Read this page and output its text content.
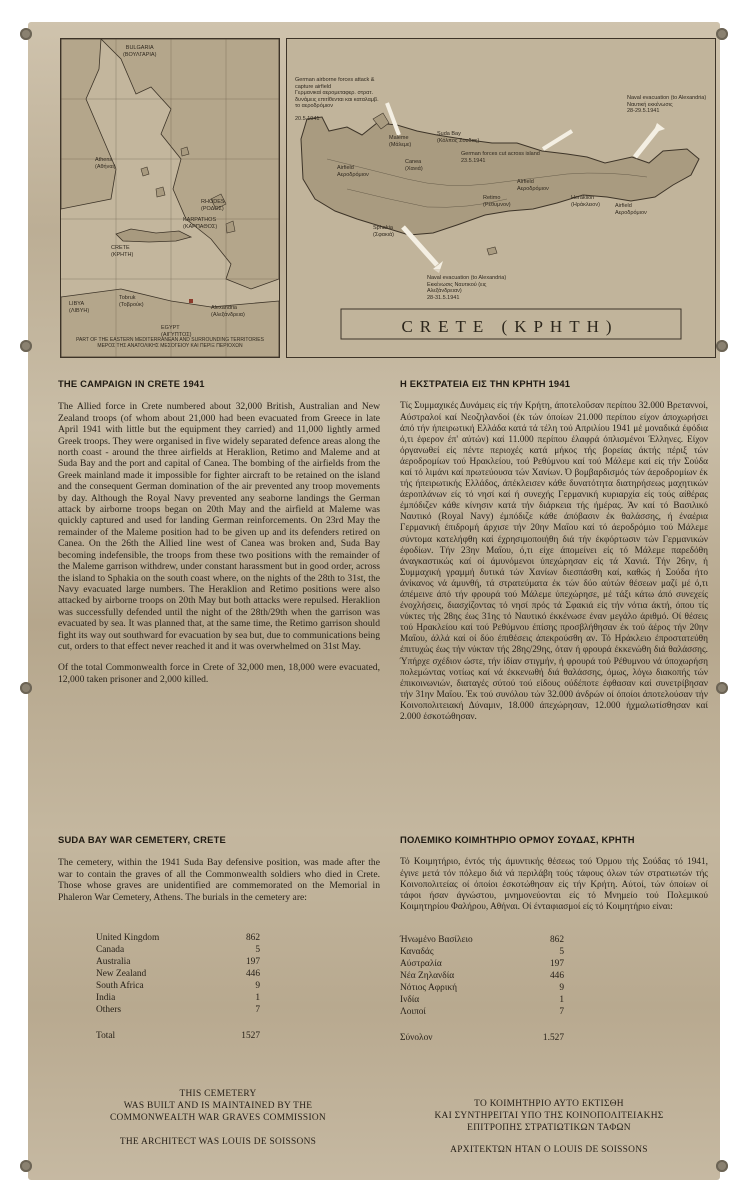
BULGARIA
(ΒΟΥΛΓΑΡΙΑ)
Athens
(Αθήναι)
RHODES
(ΡΟΔΟΣ)
KARPATHOS
(ΚΑΡΠΑΘΟΣ)
CRETE
(ΚΡΗΤΗ)
LIBYA
(ΛΙΒΥΗ)
Tobruk
(Τοβρούκ)
EGYPT
(ΑΙΓΥΠΤΟΣ)
Alexandria
(Αλεξάνδρεια)
PART OF THE EASTERN MEDITERRANEAN AND SURROUNDING TERRITORIES
ΜΕΡΟΣ ΤΗΣ ΑΝΑΤΟΛΙΚΗΣ ΜΕΣΟΓΕΙΟΥ ΚΑΙ ΠΕΡΙΞ ΠΕΡΙΟΧΩΝ
German airborne forces attack & capture airfield
Γερμανικαί αερομεταφερ. στρατ. δυνάμεις επιτίθενται και καταλαμβ. το αεροδρόμιον
20.5.1941
Maleme
(Μάλεμε)
Suda Bay
(Κόλπος Σουδας)
Canea
(Χανιά)
Airfield
Αεροδρόμιον
German forces cut across island
23.5.1941
Airfield
Αεροδρόμιον
Retimo
(Ρέθυμνον)
Heraklion
(Ηράκλειον)	Airfield
Αεροδρόμιον
Sphakia
(Σφακιά)
Naval evacuation (to Alexandria)
Ναυτική εκκένωσις
28-29.5.1941
Naval evacuation (to Alexandria)
Εκκένωσις Ναυτικού (εις Αλεξάνδρειαν)
28-31.5.1941
CRETE (ΚΡΗΤΗ)
THE CAMPAIGN IN CRETE 1941

The Allied force in Crete numbered about 32,000 British, Australian and New Zealand troops (of whom about 21,000 had been evacuated from Greece in late April 1941 with little but the equipment they carried) and 11,000 lightly armed Greek troops. They were organised in five widely separated defence areas along the north coast - around the three airfields at Heraklion, Retimo and Maleme and at Suda Bay and the port and capital of Canea. The bombing of the airfields from the Greek mainland made it impossible for fighter aircraft to be retained on the island and the consequent German domination of the air prevented any troop movements by day. Although the Royal Navy prevented any seaborne landings the German attack by airborne troops began on 20th May and the airfield at Maleme was quickly captured and used for landing German reinforcements. On 23rd May the remainder of the Maleme position had to be given up and its defenders retired on Canea. On the 26th the Allied line west of Canea was broken and, Suda Bay becoming indefensible, the troops from these two positions with the remainder of the Maleme garrison withdrew, under constant harassment but in good order, across the island to Sphakia on the south coast where, on the nights of the 28th to 31st, the Navy evacuated large numbers. The Heraklion and Retimo positions were also attacked by airborne troops on 20th May but both attacks were repulsed. Heraklion was successfully defended until the night of the 28th/29th when the garrison was evacuated by sea. It was planned that, at the same time, the Retimo garrison should fight its way out southward for evacuation by sea but, due to communications being cut, orders to that effect never reached it and it was overwhelmed on 31st May.

Of the total Commonwealth force in Crete of 32,000 men, 18,000 were evacuated, 12,000 taken prisoner and 2,000 killed.

SUDA BAY WAR CEMETERY, CRETE

The cemetery, within the 1941 Suda Bay defensive position, was made after the war to contain the graves of all the Commonwealth soldiers who died in Crete. Those whose graves are unidentified are commemorated on the Memorial in Phaleron War Cemetery, Athens. The burials in the cemetery are:

United Kingdom	862
Canada	5
Australia	197
New Zealand	446
South Africa	9
India	1
Others	7
Total	1527
THIS CEMETERY
WAS BUILT AND IS MAINTAINED BY THE
COMMONWEALTH WAR GRAVES COMMISSION
THE ARCHITECT WAS LOUIS DE SOISSONS
Η ΕΚΣΤΡΑΤΕΙΑ ΕΙΣ ΤΗΝ ΚΡΗΤΗ 1941

Τίς Συμμαχικές Δυνάμεις είς τήν Κρήτη, άποτελοΰσαν περίπου 32.000 Βρεταννοί, Αύστραλοί καί Νεοζηλανδοί (έκ τών όποίων 21.000 περίπου είχον άποχωρήσει άπό τήν ήπειρωτική Ελλάδα κατά τά τέλη τού Απριλίου 1941 μέ μοναδικά έφόδια ό,τι έφερον έπ' αύτών) καί 11.000 περίπου έλαφρά όπλισμένοι Έλληνες. Είχον όργανωθεί είς πέντε περιοχές κατά μήκος τής βορείας άκτής πέριξ τών άεροδρομίων τού Ηρακλείου, τού Ρεθύμνου καί τού Μάλεμε καί είς τήν Σούδα καί τό λιμάνι καί πρωτεύουσα τών Χανίων. Ό βομβαρδισμός τών άεροδρομίων έκ τής ήπειρωτικής Ελλάδος, άπέκλεισεν κάθε δυνατότητα διατηρήσεως μαχητικών άεροπλάνων είς τό νησί καί ή συνεχής Γερμανική κυριαρχία είς τούς αίθέρας έμπόδιζεν κάθε κίνησιν κατά τήν διάρκεια τής ήμέρας. Άν καί τό Βασιλικό Ναυτικό (Royal Navy) έμπόδιζε κάθε άπόβασιν έκ θαλάσσης, ή έναέρια Γερμανική έπιδρομή άρχισε τήν 20ην Μαΐου καί τό άεροδρόμιο τού Μάλεμε σύντομα κατελήφθη καί έχρησιμοποιήθη διά τήν έκφόρτωσιν τών Γερμανικών έφοδίων. Τήν 23ην Μαΐου, ό,τι είχε άπομείνει είς τό Μάλεμε παρεδόθη άναγκαστικώς καί οί άμυνόμενοι ύπεχώρησαν είς τά Χανιά. Τήν 26ην, ή Συμμαχική γραμμή δυτικά τών Χανίων διεσπάσθη καί, καθώς ή Σούδα ήτο άνίκανος νά άμυνθή, τά στρατεύματα έκ τών δύο αύτών θέσεων μαζί μέ ό,τι άπέμεινε άπό τήν φρουρά τού Μάλεμε ύπεχώρησε, μέ τάξι κάτω άπό συνεχείς ένοχλήσεις, διασχίζοντας τό νησί πρός τά Σφακιά είς τήν νότια άκτή, όπου τίς νύκτες τής 28ης έως 31ης τό Ναυτικό έκκένωσε έναν μεγάλο άριθμό. Οί θέσεις τού Ηρακλείου καί τού Ρεθύμνου έπίσης προσβλήθησαν έκ τού άέρος τήν 20ην Μαΐου, άλλά καί οί δύο έπιθέσεις άπεκρούσθη αν. Τό Ηράκλειο έπροστατεύθη έπιτυχώς έως τήν νύκταν τής 28ης/29ης, όταν ή φρουρά έκκενώθη διά θαλάσσης. Ύπήρχε σχέδιον ώστε, τήν ίδίαν στιγμήν, ή φρουρά τού Ρέθυμνου νά ύποχωρήση πολεμώντας νοτίως καί νά έκκενωθή διά θαλάσσης, όμως, λόγω διακοπής τών έπικοινωνιών, διαταγές σύτού τού είδους ούδέποτε έφθασαν καί συνετρίβησαν τήν 31ην Μαΐου. Έκ τού συνόλου τών 32.000 άνδρών οί όποίοι άποτελούσαν τήν Κοινοπολιτειακή Δύναμιν, 18.000 άπεχώρησαν, 12.000 ήχμαλωτίσθησαν καί 2.000 έσκοτώθησαν.

ΠΟΛΕΜΙΚΟ ΚΟΙΜΗΤΗΡΙΟ ΟΡΜΟΥ ΣΟΥΔΑΣ, ΚΡΗΤΗ

Τό Κοιμητήριο, έντός τής άμυντικής θέσεως τού Όρμου τής Σούδας τό 1941, έγινε μετά τόν πόλεμο διά νά περιλάβη τούς τάφους όλων τών στρατιωτών τής Κοινοπολιτείας οί όποίοι έσκοτώθησαν είς τήν Κρήτη. Αύτοί, τών όποίων οί τάφοι ήσαν άγνώστου, μνημονεύονται είς τό Μνημείο τού Πολεμικού Κοιμητηρίου Φαλήρου, Αθήναι. Οί ένταφιασμοί είς τό Κοιμητήριο είναι:

Ήνωμένο Βασίλειο	862
Καναδάς	5
Αύστραλία	197
Νέα Ζηλανδία	446
Νότιος Αφρική	9
Ινδία	1
Λοιποί	7
Σύνολον	1.527
ΤΟ ΚΟΙΜΗΤΗΡΙΟ ΑΥΤΟ ΕΚΤΙΣΘΗ
ΚΑΙ ΣΥΝΤΗΡΕΙΤΑΙ ΥΠΟ ΤΗΣ ΚΟΙΝΟΠΟΛΙΤΕΙΑΚΗΣ
ΕΠΙΤΡΟΠΗΣ ΣΤΡΑΤΙΩΤΙΚΩΝ ΤΑΦΩΝ
ΑΡΧΙΤΕΚΤΩΝ ΗΤΑΝ Ο LOUIS DE SOISSONS
